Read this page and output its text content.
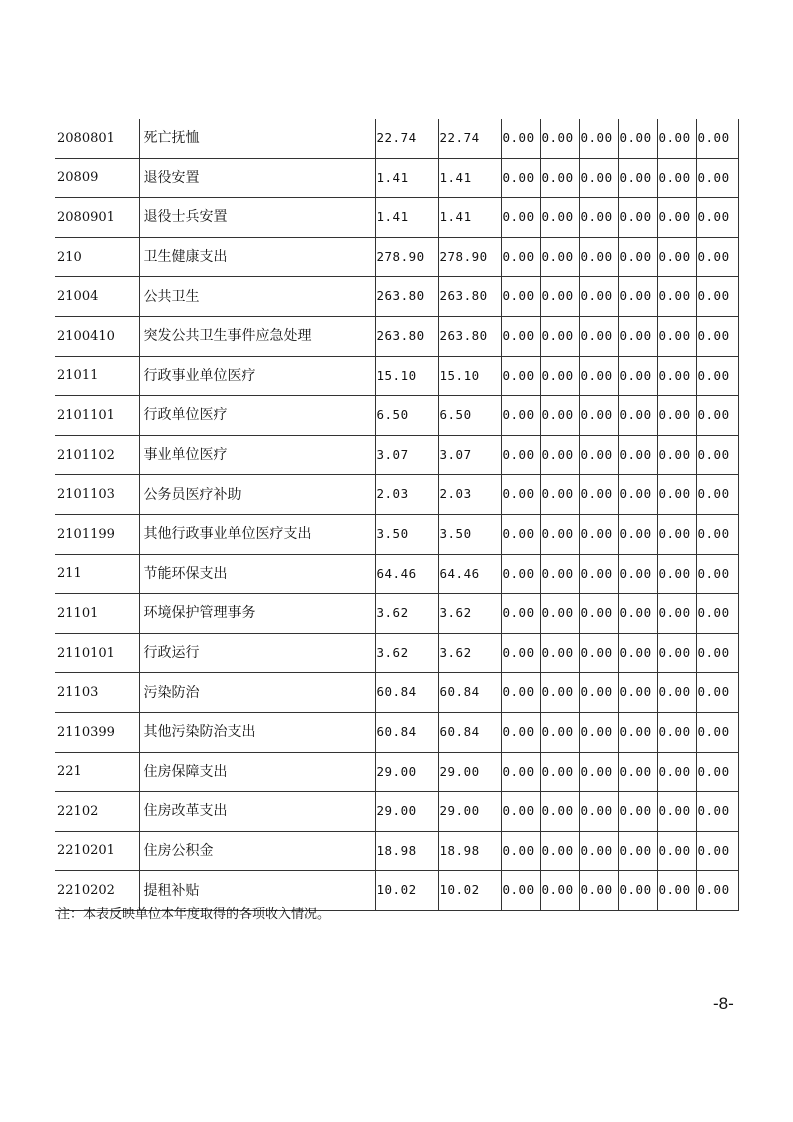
2080801	死亡抚恤	22.74	22.74	0.00	0.00	0.00	0.00	0.00	0.00
20809	退役安置	1.41	1.41	0.00	0.00	0.00	0.00	0.00	0.00
2080901	退役士兵安置	1.41	1.41	0.00	0.00	0.00	0.00	0.00	0.00
210	卫生健康支出	278.90	278.90	0.00	0.00	0.00	0.00	0.00	0.00
21004	公共卫生	263.80	263.80	0.00	0.00	0.00	0.00	0.00	0.00
2100410	突发公共卫生事件应急处理	263.80	263.80	0.00	0.00	0.00	0.00	0.00	0.00
21011	行政事业单位医疗	15.10	15.10	0.00	0.00	0.00	0.00	0.00	0.00
2101101	行政单位医疗	6.50	6.50	0.00	0.00	0.00	0.00	0.00	0.00
2101102	事业单位医疗	3.07	3.07	0.00	0.00	0.00	0.00	0.00	0.00
2101103	公务员医疗补助	2.03	2.03	0.00	0.00	0.00	0.00	0.00	0.00
2101199	其他行政事业单位医疗支出	3.50	3.50	0.00	0.00	0.00	0.00	0.00	0.00
211	节能环保支出	64.46	64.46	0.00	0.00	0.00	0.00	0.00	0.00
21101	环境保护管理事务	3.62	3.62	0.00	0.00	0.00	0.00	0.00	0.00
2110101	行政运行	3.62	3.62	0.00	0.00	0.00	0.00	0.00	0.00
21103	污染防治	60.84	60.84	0.00	0.00	0.00	0.00	0.00	0.00
2110399	其他污染防治支出	60.84	60.84	0.00	0.00	0.00	0.00	0.00	0.00
221	住房保障支出	29.00	29.00	0.00	0.00	0.00	0.00	0.00	0.00
22102	住房改革支出	29.00	29.00	0.00	0.00	0.00	0.00	0.00	0.00
2210201	住房公积金	18.98	18.98	0.00	0.00	0.00	0.00	0.00	0.00
2210202	提租补贴	10.02	10.02	0.00	0.00	0.00	0.00	0.00	0.00
注：本表反映单位本年度取得的各项收入情况。
-8-
